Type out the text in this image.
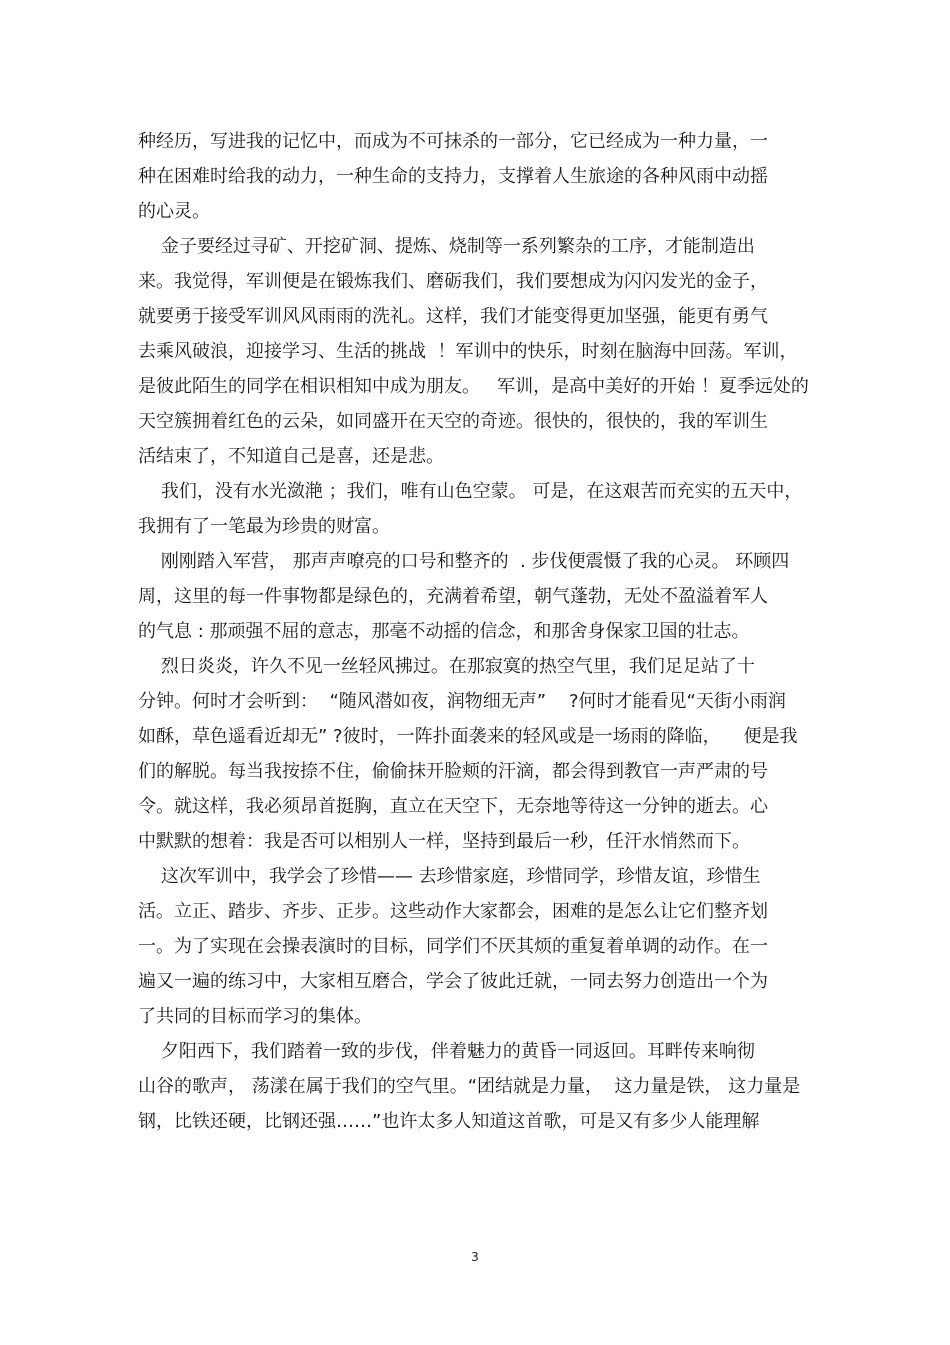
种经历，写进我的记忆中，而成为不可抹杀的一部分，它已经成为一种力量，一
种在困难时给我的动力，一种生命的支持力，支撑着人生旅途的各种风雨中动摇
的心灵。
金子要经过寻矿、开挖矿洞、提炼、烧制等一系列繁杂的工序，才能制造出
来。我觉得，军训便是在锻炼我们、磨砺我们，我们要想成为闪闪发光的金子，
就要勇于接受军训风风雨雨的洗礼。这样，我们才能变得更加坚强，能更有勇气
去乘风破浪，迎接学习、生活的挑战  ！军训中的快乐，时刻在脑海中回荡。军训，
是彼此陌生的同学在相识相知中成为朋友。   军训，是高中美好的开始 ！夏季远处的
天空簇拥着红色的云朵，如同盛开在天空的奇迹。很快的，很快的，我的军训生
活结束了，不知道自己是喜，还是悲。
我们，没有水光潋滟 ；我们，唯有山色空蒙。 可是，在这艰苦而充实的五天中，
我拥有了一笔最为珍贵的财富。
刚刚踏入军营， 那声声嘹亮的口号和整齐的  . 步伐便震慑了我的心灵。 环顾四
周，这里的每一件事物都是绿色的，充满着希望，朝气蓬勃，无处不盈溢着军人
的气息 : 那顽强不屈的意志，那毫不动摇的信念，和那舍身保家卫国的壮志。
烈日炎炎，许久不见一丝轻风拂过。在那寂寞的热空气里，我们足足站了十
分钟。何时才会听到：  “随风潜如夜，润物细无声”    ?何时才能看见“天街小雨润
如酥，草色遥看近却无” ?彼时，一阵扑面袭来的轻风或是一场雨的降临，    便是我
们的解脱。每当我按捺不住，偷偷抹开脸颊的汗滴，都会得到教官一声严肃的号
令。就这样，我必须昂首挺胸，直立在天空下，无奈地等待这一分钟的逝去。心
中默默的想着：我是否可以相别人一样，坚持到最后一秒，任汗水悄然而下。
这次军训中，我学会了珍惜—— 去珍惜家庭，珍惜同学，珍惜友谊，珍惜生
活。立正、踏步、齐步、正步。这些动作大家都会，困难的是怎么让它们整齐划
一。为了实现在会操表演时的目标，同学们不厌其烦的重复着单调的动作。在一
遍又一遍的练习中，大家相互磨合，学会了彼此迁就，一同去努力创造出一个为
了共同的目标而学习的集体。
夕阳西下，我们踏着一致的步伐，伴着魅力的黄昏一同返回。耳畔传来响彻
山谷的歌声， 荡漾在属于我们的空气里。“团结就是力量，  这力量是铁， 这力量是
钢，比铁还硬，比钢还强……”也许太多人知道这首歌，可是又有多少人能理解
3
